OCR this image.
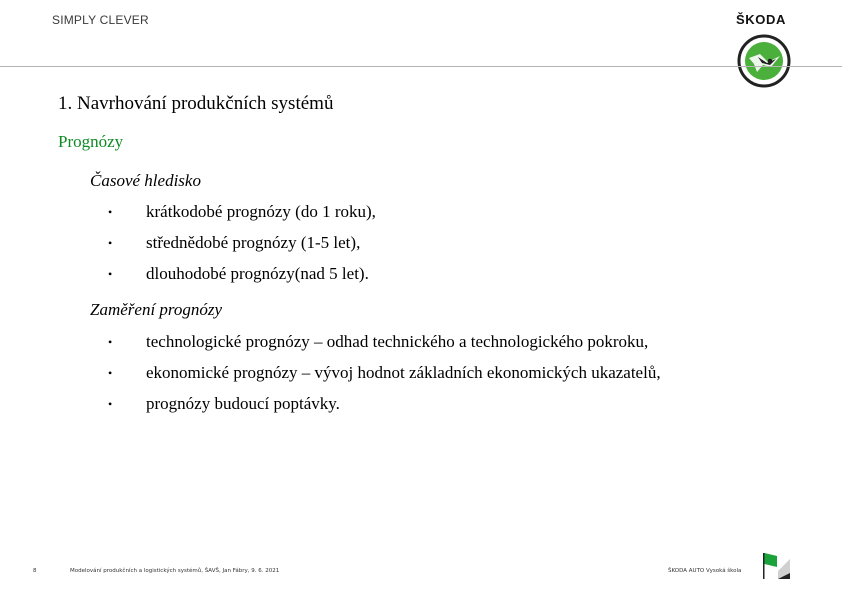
SIMPLY CLEVER	ŠKODA
1. Navrhování produkčních systémů
Prognózy
Časové hledisko
•	krátkodobé prognózy (do 1 roku),
•	střednědobé prognózy (1-5 let),
•	dlouhodobé prognózy(nad 5 let).
Zaměření prognózy
•	technologické prognózy – odhad technického a technologického pokroku,
•	ekonomické prognózy – vývoj hodnot základních ekonomických ukazatelů,
•	prognózy budoucí poptávky.
8	Modelování produkčních a logistických systémů, ŠAVŠ, Jan Fábry, 9. 6. 2021	ŠKODA AUTO Vysoká škola
